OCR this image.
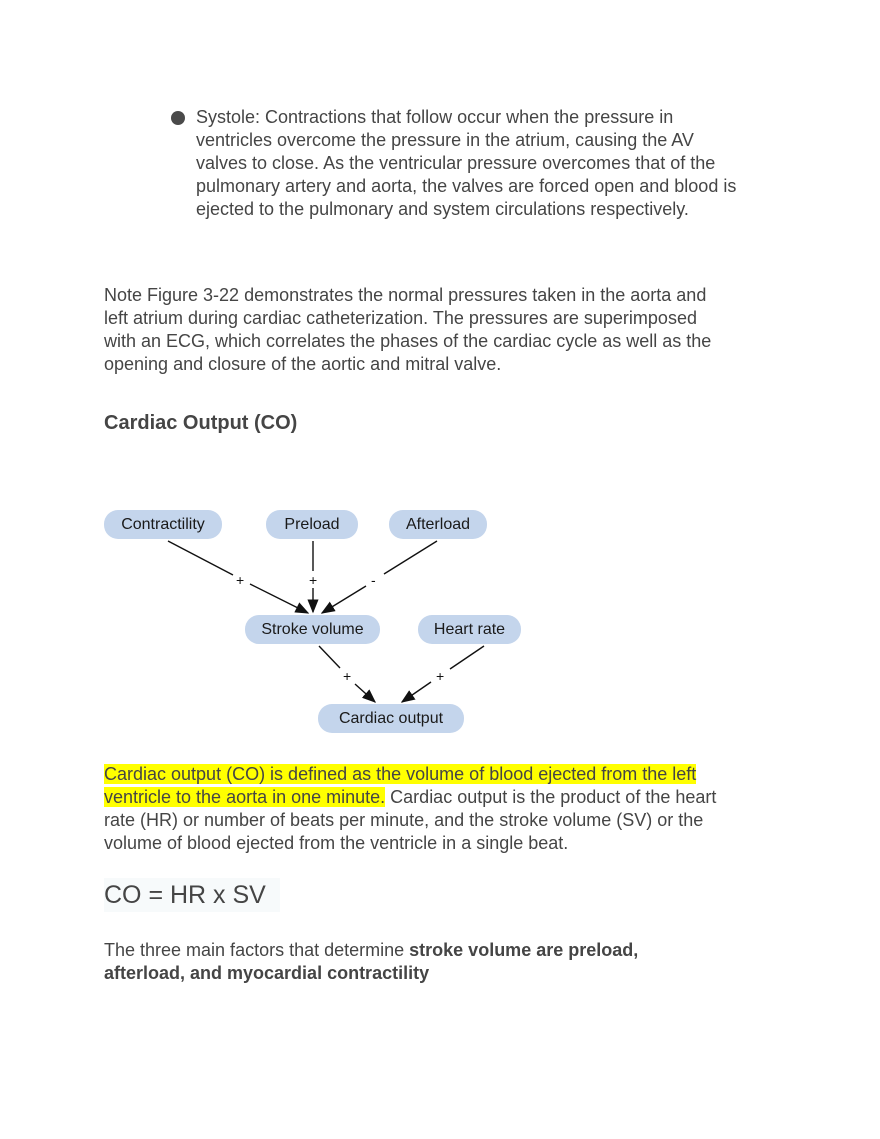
Systole: Contractions that follow occur when the pressure in ventricles overcome the pressure in the atrium, causing the AV valves to close. As the ventricular pressure overcomes that of the pulmonary artery and aorta, the valves are forced open and blood is ejected to the pulmonary and system circulations respectively.
Note Figure 3-22 demonstrates the normal pressures taken in the aorta and left atrium during cardiac catheterization. The pressures are superimposed with an ECG, which correlates the phases of the cardiac cycle as well as the opening and closure of the aortic and mitral valve.
Cardiac Output (CO)
Contractility	Preload	Afterload
Stroke volume	Heart rate
Cardiac output
+	+	-
+	+
Cardiac output (CO) is defined as the volume of blood ejected from the left ventricle to the aorta in one minute. Cardiac output is the product of the heart rate (HR) or number of beats per minute, and the stroke volume (SV) or the volume of blood ejected from the ventricle in a single beat.
CO = HR x SV
The three main factors that determine stroke volume are preload, afterload, and myocardial contractility
